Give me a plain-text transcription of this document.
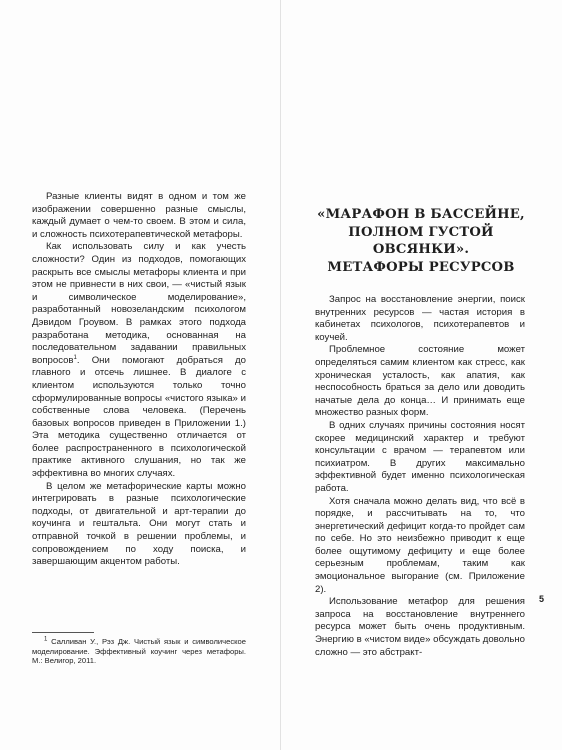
Разные клиенты видят в одном и том же изображении совершенно разные смыслы, каждый думает о чем-то своем. В этом и сила, и сложность психотерапевтической метафоры.

Как использовать силу и как учесть сложности? Один из подходов, помогающих раскрыть все смыслы метафоры клиента и при этом не привнести в них свои, — «чистый язык и символическое моделирование», разработанный новозеландским психологом Дэвидом Гроувом. В рамках этого подхода разработана методика, основанная на последовательном задавании правильных вопросов$^1$. Они помогают добраться до главного и отсечь лишнее. В диалоге с клиентом используются только точно сформулированные вопросы «чистого языка» и собственные слова человека. (Перечень базовых вопросов приведен в Приложении 1.) Эта методика существенно отличается от более распространенного в психологической практике активного слушания, но так же эффективна во многих случаях.

В целом же метафорические карты можно интегрировать в разные психологические подходы, от двигательной и арт-терапии до коучинга и гештальта. Они могут стать и отправной точкой в решении проблемы, и сопровождением по ходу поиска, и завершающим акцентом работы.

$^1$ Салливан У., Рэз Дж. Чистый язык и символическое моделирование. Эффективный коучинг через метафоры. М.: Велигор, 2011.

«МАРАФОН В БАССЕЙНЕ,
ПОЛНОМ ГУСТОЙ ОВСЯНКИ».
МЕТАФОРЫ РЕСУРСОВ

Запрос на восстановление энергии, поиск внутренних ресурсов — частая история в кабинетах психологов, психотерапевтов и коучей.

Проблемное состояние может определяться самим клиентом как стресс, как хроническая усталость, как апатия, как неспособность браться за дело или доводить начатые дела до конца… И принимать еще множество разных форм.

В одних случаях причины состояния носят скорее медицинский характер и требуют консультации с врачом — терапевтом или психиатром. В других максимально эффективной будет именно психологическая работа.

Хотя сначала можно делать вид, что всё в порядке, и рассчитывать на то, что энергетический дефицит когда-то пройдет сам по себе. Но это неизбежно приводит к еще более ощутимому дефициту и еще более серьезным проблемам, таким как эмоциональное выгорание (см. Приложение 2).

Использование метафор для решения запроса на восстановление внутреннего ресурса может быть очень продуктивным. Энергию в «чистом виде» обсуждать довольно сложно — это абстракт-

5
